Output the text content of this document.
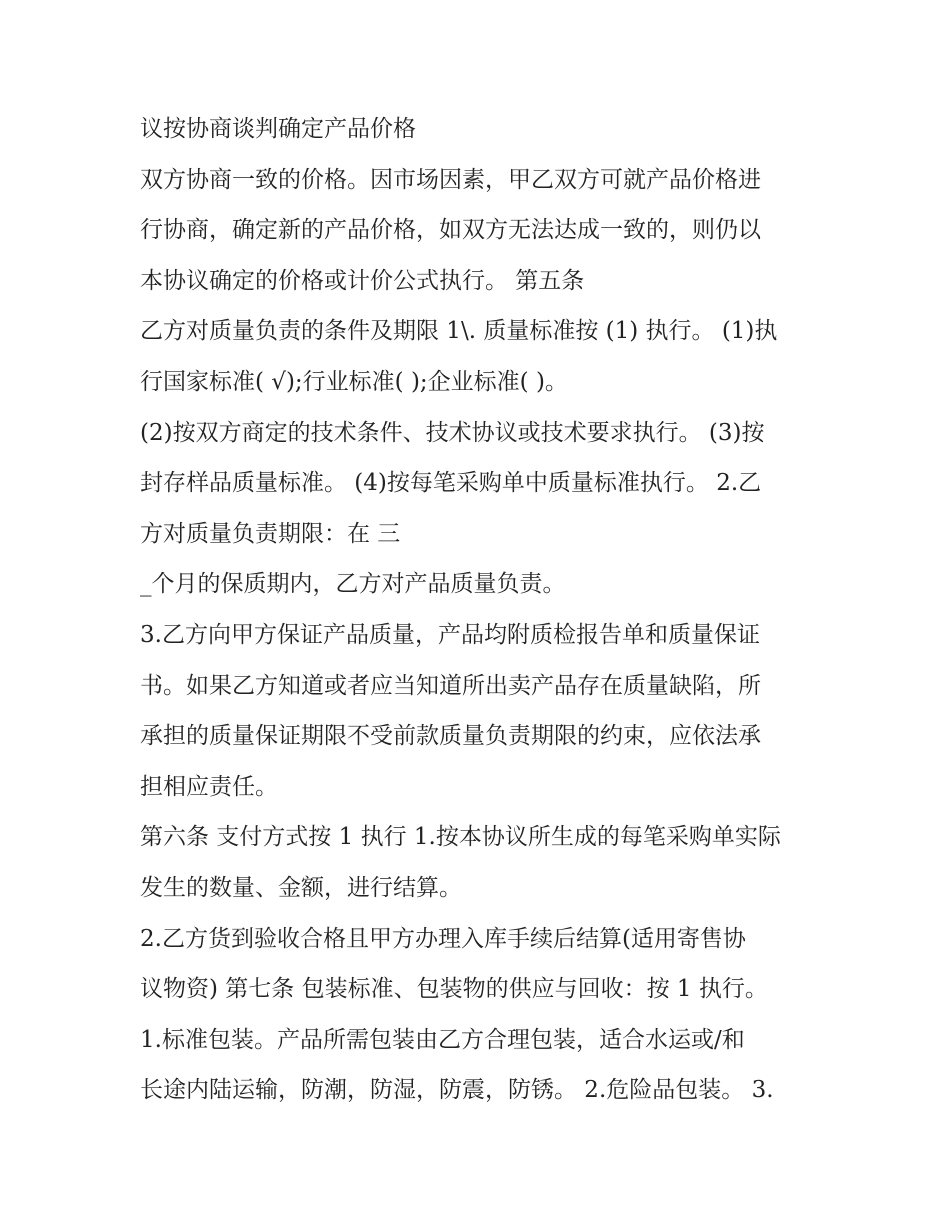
议按协商谈判确定产品价格
双方协商一致的价格。因市场因素，甲乙双方可就产品价格进
行协商，确定新的产品价格，如双方无法达成一致的，则仍以
本协议确定的价格或计价公式执行。 第五条
乙方对质量负责的条件及期限 1\. 质量标准按 (1) 执行。 (1)执
行国家标准( √);行业标准( );企业标准( )。
(2)按双方商定的技术条件、技术协议或技术要求执行。 (3)按
封存样品质量标准。 (4)按每笔采购单中质量标准执行。 2.乙
方对质量负责期限：在 三
_个月的保质期内，乙方对产品质量负责。
3.乙方向甲方保证产品质量，产品均附质检报告单和质量保证
书。如果乙方知道或者应当知道所出卖产品存在质量缺陷，所
承担的质量保证期限不受前款质量负责期限的约束，应依法承
担相应责任。
第六条 支付方式按 1 执行 1.按本协议所生成的每笔采购单实际
发生的数量、金额，进行结算。
2.乙方货到验收合格且甲方办理入库手续后结算(适用寄售协
议物资) 第七条 包装标准、包装物的供应与回收：按 1 执行。
1.标准包装。产品所需包装由乙方合理包装，适合水运或/和
长途内陆运输，防潮，防湿，防震，防锈。 2.危险品包装。 3.
